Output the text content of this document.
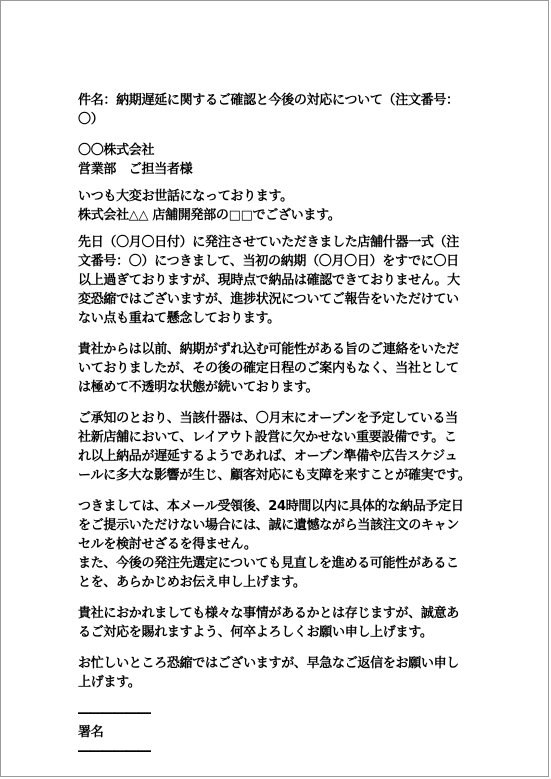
件名：納期遅延に関するご確認と今後の対応について（注文番号：
〇）
〇〇株式会社
営業部　ご担当者様
いつも大変お世話になっております。
株式会社△△ 店舗開発部の□□でございます。
先日（〇月〇日付）に発注させていただきました店舗什器一式（注
文番号：〇）につきまして、当初の納期（〇月〇日）をすでに〇日
以上過ぎておりますが、現時点で納品は確認できておりません。大
変恐縮ではございますが、進捗状況についてご報告をいただけてい
ない点も重ねて懸念しております。
貴社からは以前、納期がずれ込む可能性がある旨のご連絡をいただ
いておりましたが、その後の確定日程のご案内もなく、当社として
は極めて不透明な状態が続いております。
ご承知のとおり、当該什器は、〇月末にオープンを予定している当
社新店舗において、レイアウト設営に欠かせない重要設備です。こ
れ以上納品が遅延するようであれば、オープン準備や広告スケジュ
ールに多大な影響が生じ、顧客対応にも支障を来すことが確実です。
つきましては、本メール受領後、24時間以内に具体的な納品予定日
をご提示いただけない場合には、誠に遺憾ながら当該注文のキャン
セルを検討せざるを得ません。
また、今後の発注先選定についても見直しを進める可能性があるこ
とを、あらかじめお伝え申し上げます。
貴社におかれましても様々な事情があるかとは存じますが、誠意あ
るご対応を賜れますよう、何卒よろしくお願い申し上げます。
お忙しいところ恐縮ではございますが、早急なご返信をお願い申し
上げます。
――――――
署名
――――――
